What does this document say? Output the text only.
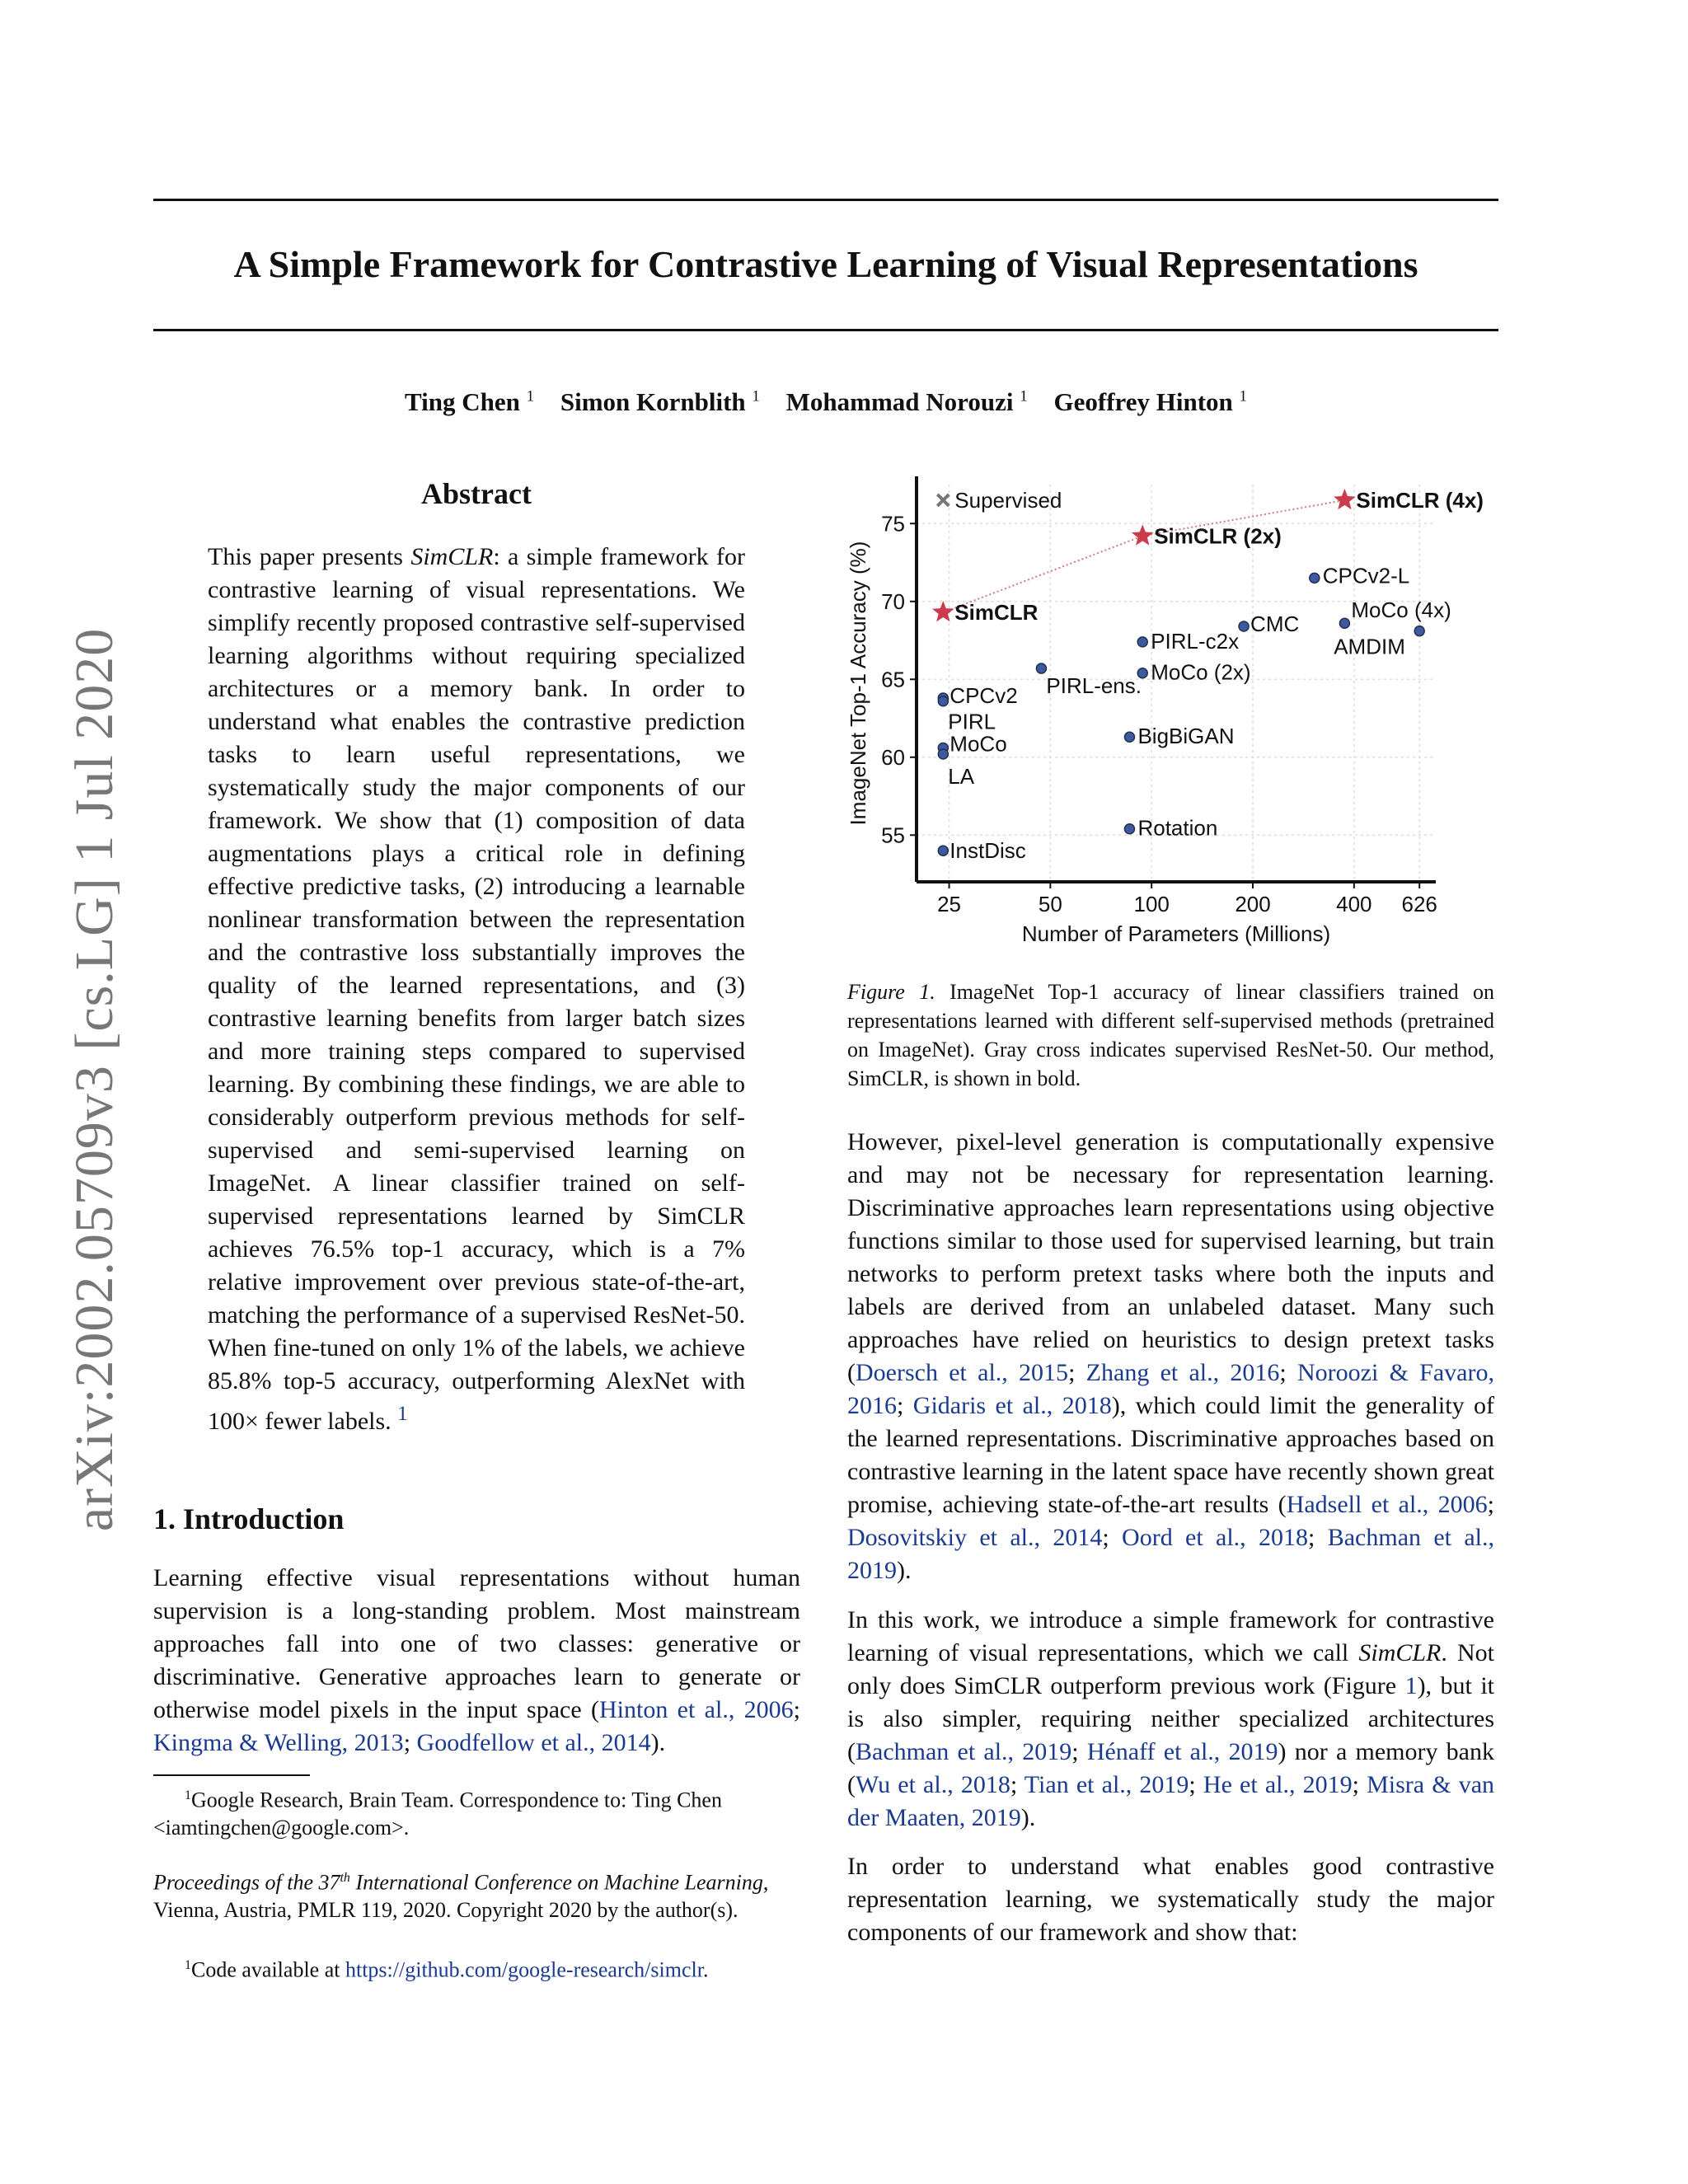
A Simple Framework for Contrastive Learning of Visual Representations
Ting Chen $^1$ Simon Kornblith $^1$ Mohammad Norouzi $^1$ Geoffrey Hinton $^1$
arXiv:2002.05709v3 [cs.LG] 1 Jul 2020
Abstract

This paper presents SimCLR: a simple framework for contrastive learning of visual representations. We simplify recently proposed contrastive self-supervised learning algorithms without requiring specialized architectures or a memory bank. In order to understand what enables the contrastive prediction tasks to learn useful representations, we systematically study the major components of our framework. We show that (1) composition of data augmentations plays a critical role in defining effective predictive tasks, (2) introducing a learnable nonlinear transformation between the representation and the contrastive loss substantially improves the quality of the learned representations, and (3) contrastive learning benefits from larger batch sizes and more training steps compared to supervised learning. By combining these findings, we are able to considerably outperform previous methods for self-supervised and semi-supervised learning on ImageNet. A linear classifier trained on self-supervised representations learned by SimCLR achieves 76.5% top-1 accuracy, which is a 7% relative improvement over previous state-of-the-art, matching the performance of a supervised ResNet-50. When fine-tuned on only 1% of the labels, we achieve 85.8% top-5 accuracy, outperforming AlexNet with 100× fewer labels. $^1$

1. Introduction

Learning effective visual representations without human supervision is a long-standing problem. Most mainstream approaches fall into one of two classes: generative or discriminative. Generative approaches learn to generate or otherwise model pixels in the input space (Hinton et al., 2006; Kingma & Welling, 2013; Goodfellow et al., 2014).

$^1$Google Research, Brain Team. Correspondence to: Ting Chen <iamtingchen@google.com>.

Proceedings of the 37th International Conference on Machine Learning, Vienna, Austria, PMLR 119, 2020. Copyright 2020 by the author(s).

$^1$Code available at https://github.com/google-research/simclr.

25	50	100	200	400 626
55
60
65
70
75
Number of Parameters (Millions)
ImageNet Top-1 Accuracy (%)	SimCLR
SimCLR (2x)
SimCLR (4x)
Supervised
CPCv2-L
MoCo (4x)
AMDIM
CMC
PIRL-c2x
MoCo (2x)
PIRL-ens.
CPCv2
PIRL
MoCo
LA
BigBiGAN
Rotation
InstDisc

Figure 1. ImageNet Top-1 accuracy of linear classifiers trained on representations learned with different self-supervised methods (pretrained on ImageNet). Gray cross indicates supervised ResNet-50. Our method, SimCLR, is shown in bold.

However, pixel-level generation is computationally expensive and may not be necessary for representation learning. Discriminative approaches learn representations using objective functions similar to those used for supervised learning, but train networks to perform pretext tasks where both the inputs and labels are derived from an unlabeled dataset. Many such approaches have relied on heuristics to design pretext tasks (Doersch et al., 2015; Zhang et al., 2016; Noroozi & Favaro, 2016; Gidaris et al., 2018), which could limit the generality of the learned representations. Discriminative approaches based on contrastive learning in the latent space have recently shown great promise, achieving state-of-the-art results (Hadsell et al., 2006; Dosovitskiy et al., 2014; Oord et al., 2018; Bachman et al., 2019).

In this work, we introduce a simple framework for contrastive learning of visual representations, which we call SimCLR. Not only does SimCLR outperform previous work (Figure 1), but it is also simpler, requiring neither specialized architectures (Bachman et al., 2019; Hénaff et al., 2019) nor a memory bank (Wu et al., 2018; Tian et al., 2019; He et al., 2019; Misra & van der Maaten, 2019).

In order to understand what enables good contrastive representation learning, we systematically study the major components of our framework and show that:
